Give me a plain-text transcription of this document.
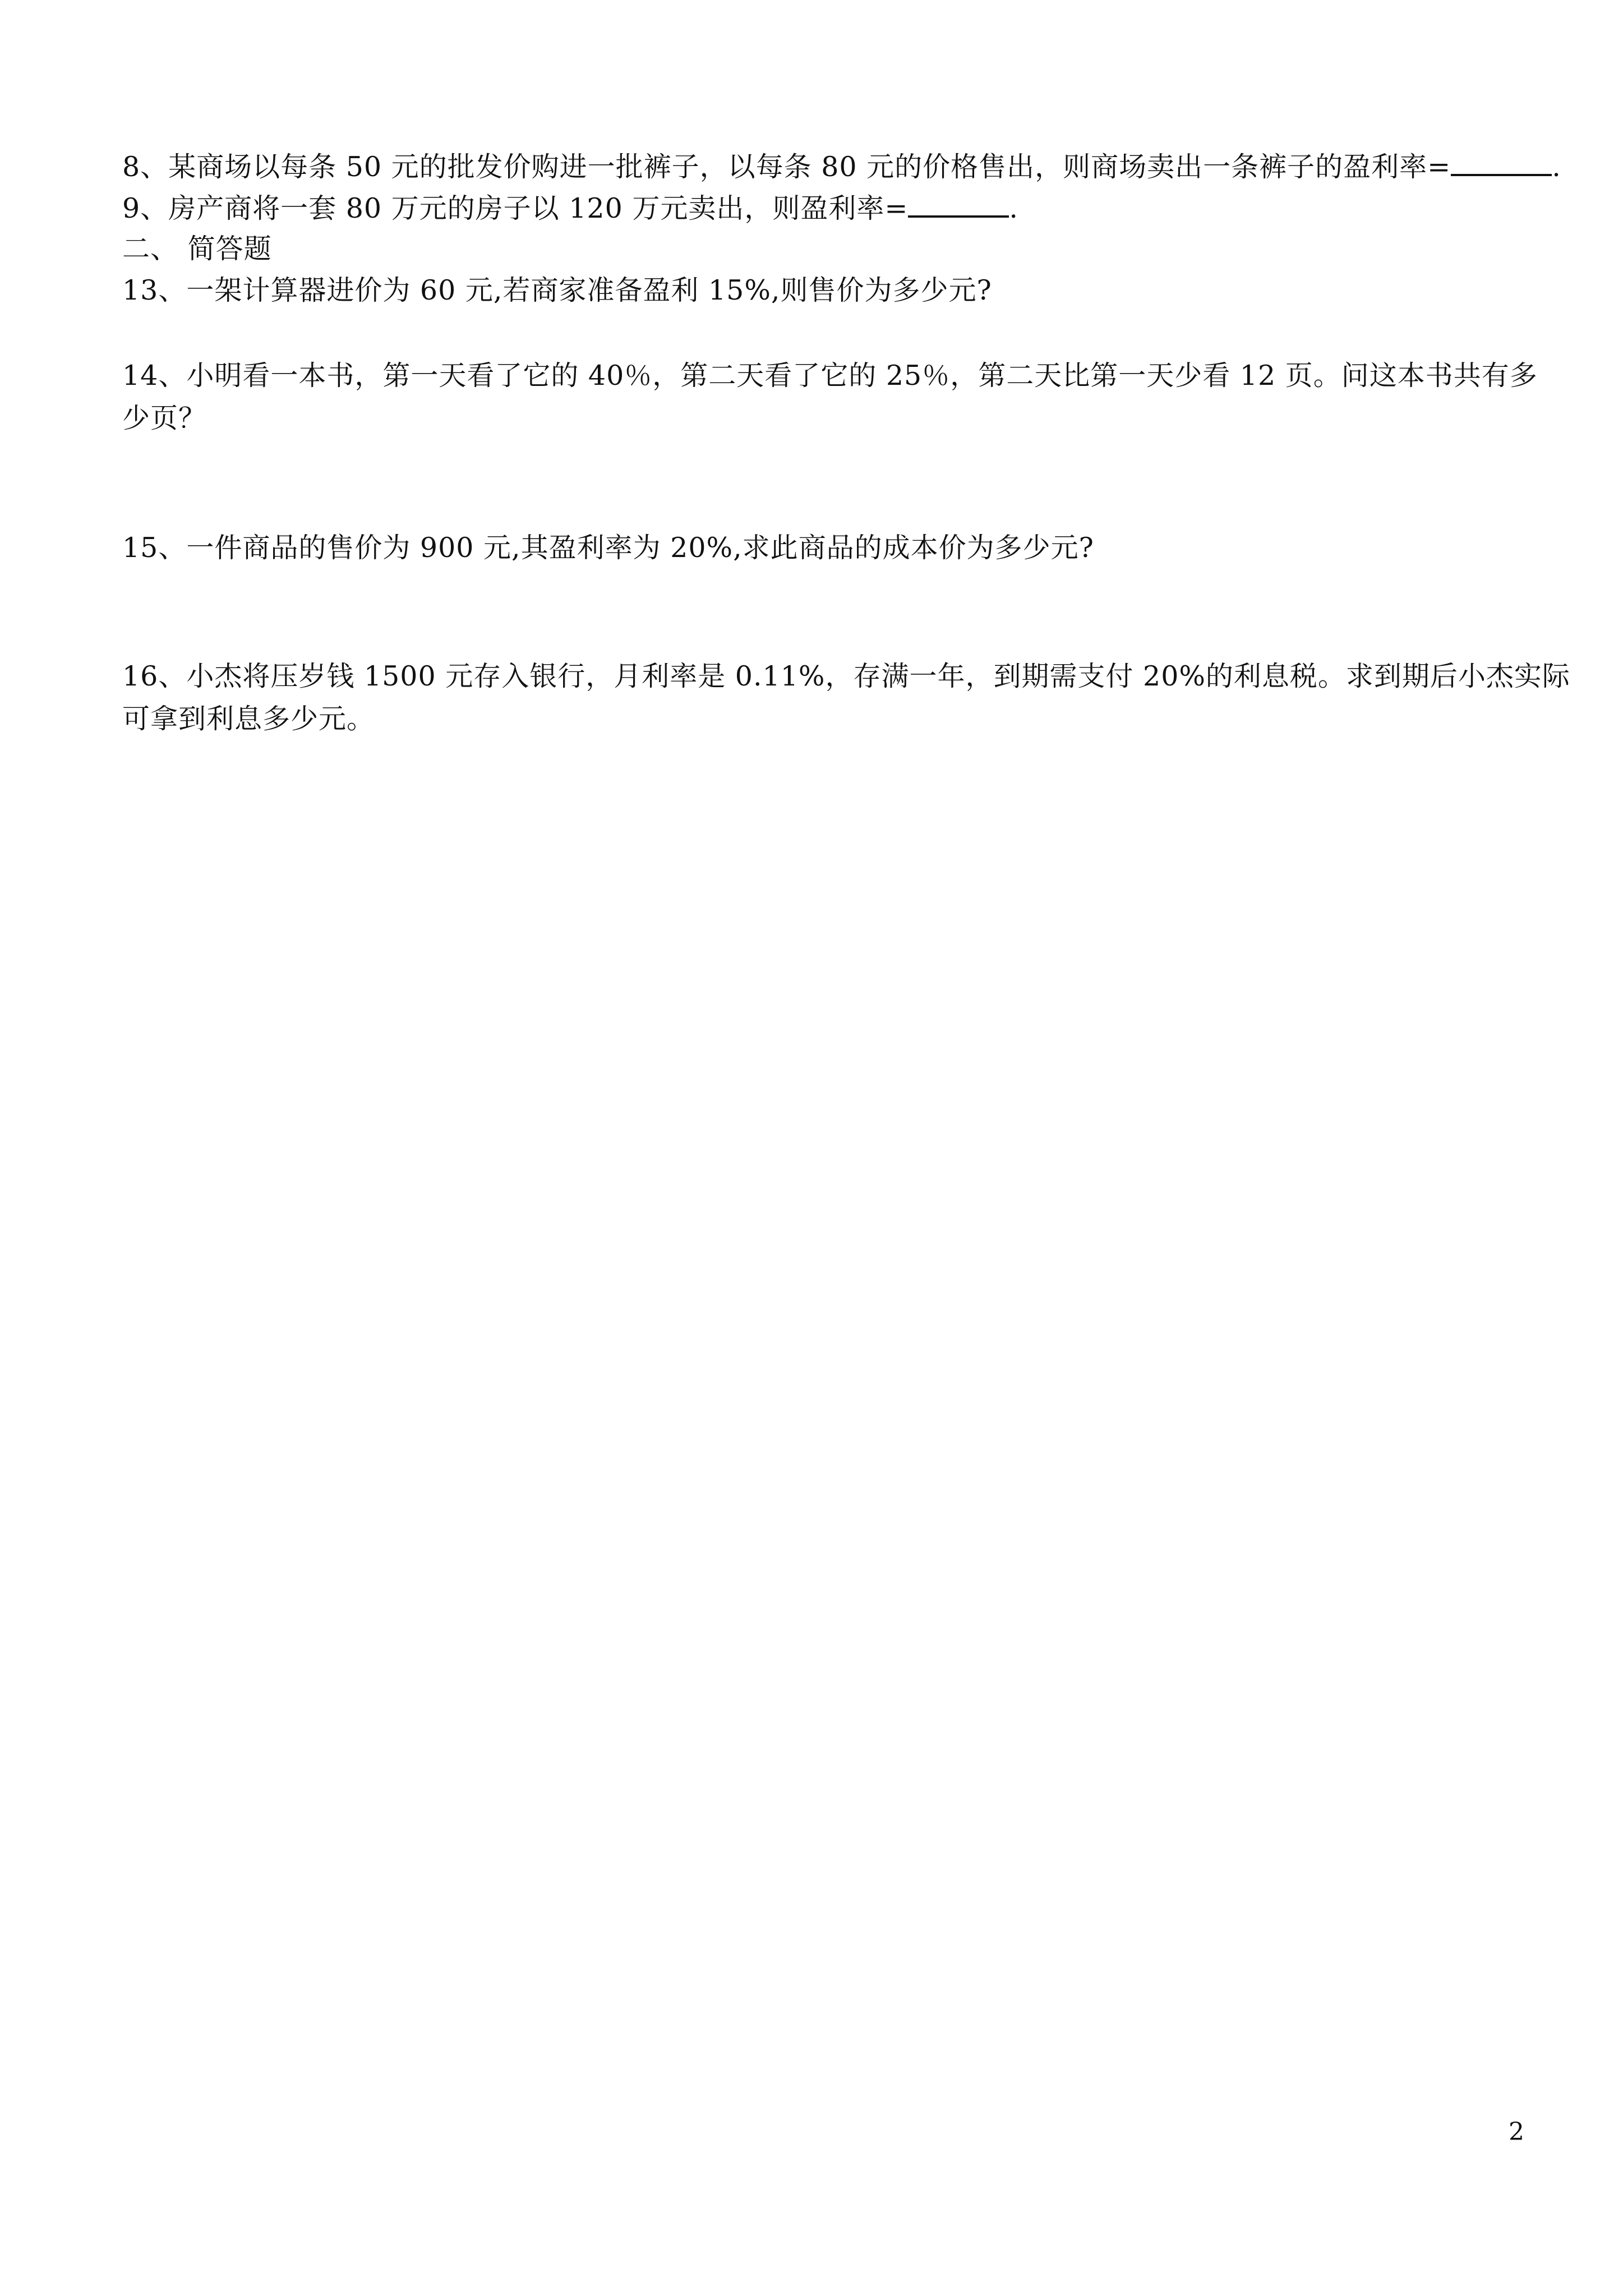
8、某商场以每条 50 元的批发价购进一批裤子，以每条 80 元的价格售出，则商场卖出一条裤子的盈利率=	.
9、房产商将一套 80 万元的房子以 120 万元卖出，则盈利率=	.
二、 简答题
13、一架计算器进价为 60 元,若商家准备盈利 15%,则售价为多少元?
14、小明看一本书，第一天看了它的 40％，第二天看了它的 25％，第二天比第一天少看 12 页。问这本书共有多
少页？
15、一件商品的售价为 900 元,其盈利率为 20%,求此商品的成本价为多少元?
16、小杰将压岁钱 1500 元存入银行，月利率是 0.11%，存满一年，到期需支付 20%的利息税。求到期后小杰实际
可拿到利息多少元。
2
